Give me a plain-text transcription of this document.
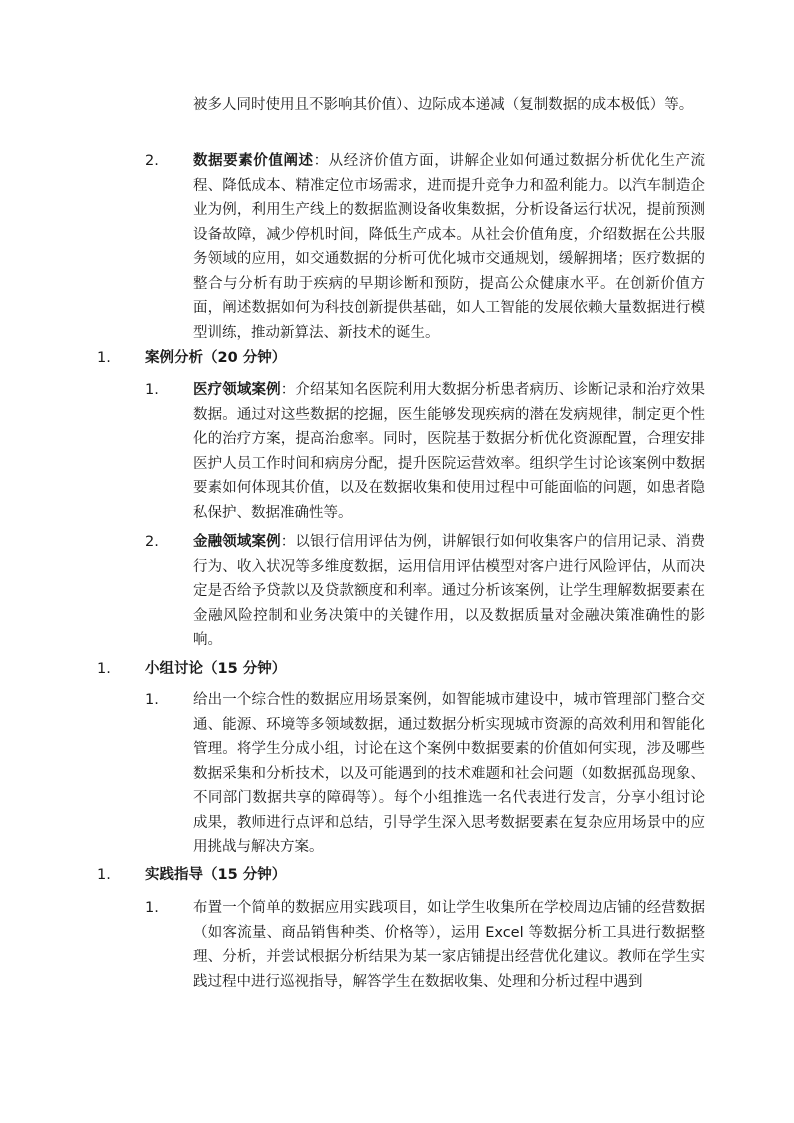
被多人同时使用且不影响其价值）、边际成本递减（复制数据的成本极低）等。
2. 数据要素价值阐述：从经济价值方面，讲解企业如何通过数据分析优化生产流程、降低成本、精准定位市场需求，进而提升竞争力和盈利能力。以汽车制造企业为例，利用生产线上的数据监测设备收集数据，分析设备运行状况，提前预测设备故障，减少停机时间，降低生产成本。从社会价值角度，介绍数据在公共服务领域的应用，如交通数据的分析可优化城市交通规划，缓解拥堵；医疗数据的整合与分析有助于疾病的早期诊断和预防，提高公众健康水平。在创新价值方面，阐述数据如何为科技创新提供基础，如人工智能的发展依赖大量数据进行模型训练，推动新算法、新技术的诞生。
1. 案例分析（20 分钟）
1. 医疗领域案例：介绍某知名医院利用大数据分析患者病历、诊断记录和治疗效果数据。通过对这些数据的挖掘，医生能够发现疾病的潜在发病规律，制定更个性化的治疗方案，提高治愈率。同时，医院基于数据分析优化资源配置，合理安排医护人员工作时间和病房分配，提升医院运营效率。组织学生讨论该案例中数据要素如何体现其价值，以及在数据收集和使用过程中可能面临的问题，如患者隐私保护、数据准确性等。
2. 金融领域案例：以银行信用评估为例，讲解银行如何收集客户的信用记录、消费行为、收入状况等多维度数据，运用信用评估模型对客户进行风险评估，从而决定是否给予贷款以及贷款额度和利率。通过分析该案例，让学生理解数据要素在金融风险控制和业务决策中的关键作用，以及数据质量对金融决策准确性的影响。
1. 小组讨论（15 分钟）
1. 给出一个综合性的数据应用场景案例，如智能城市建设中，城市管理部门整合交通、能源、环境等多领域数据，通过数据分析实现城市资源的高效利用和智能化管理。将学生分成小组，讨论在这个案例中数据要素的价值如何实现，涉及哪些数据采集和分析技术，以及可能遇到的技术难题和社会问题（如数据孤岛现象、不同部门数据共享的障碍等）。每个小组推选一名代表进行发言，分享小组讨论成果，教师进行点评和总结，引导学生深入思考数据要素在复杂应用场景中的应用挑战与解决方案。
1. 实践指导（15 分钟）
1. 布置一个简单的数据应用实践项目，如让学生收集所在学校周边店铺的经营数据（如客流量、商品销售种类、价格等），运用 Excel 等数据分析工具进行数据整理、分析，并尝试根据分析结果为某一家店铺提出经营优化建议。教师在学生实践过程中进行巡视指导，解答学生在数据收集、处理和分析过程中遇到
